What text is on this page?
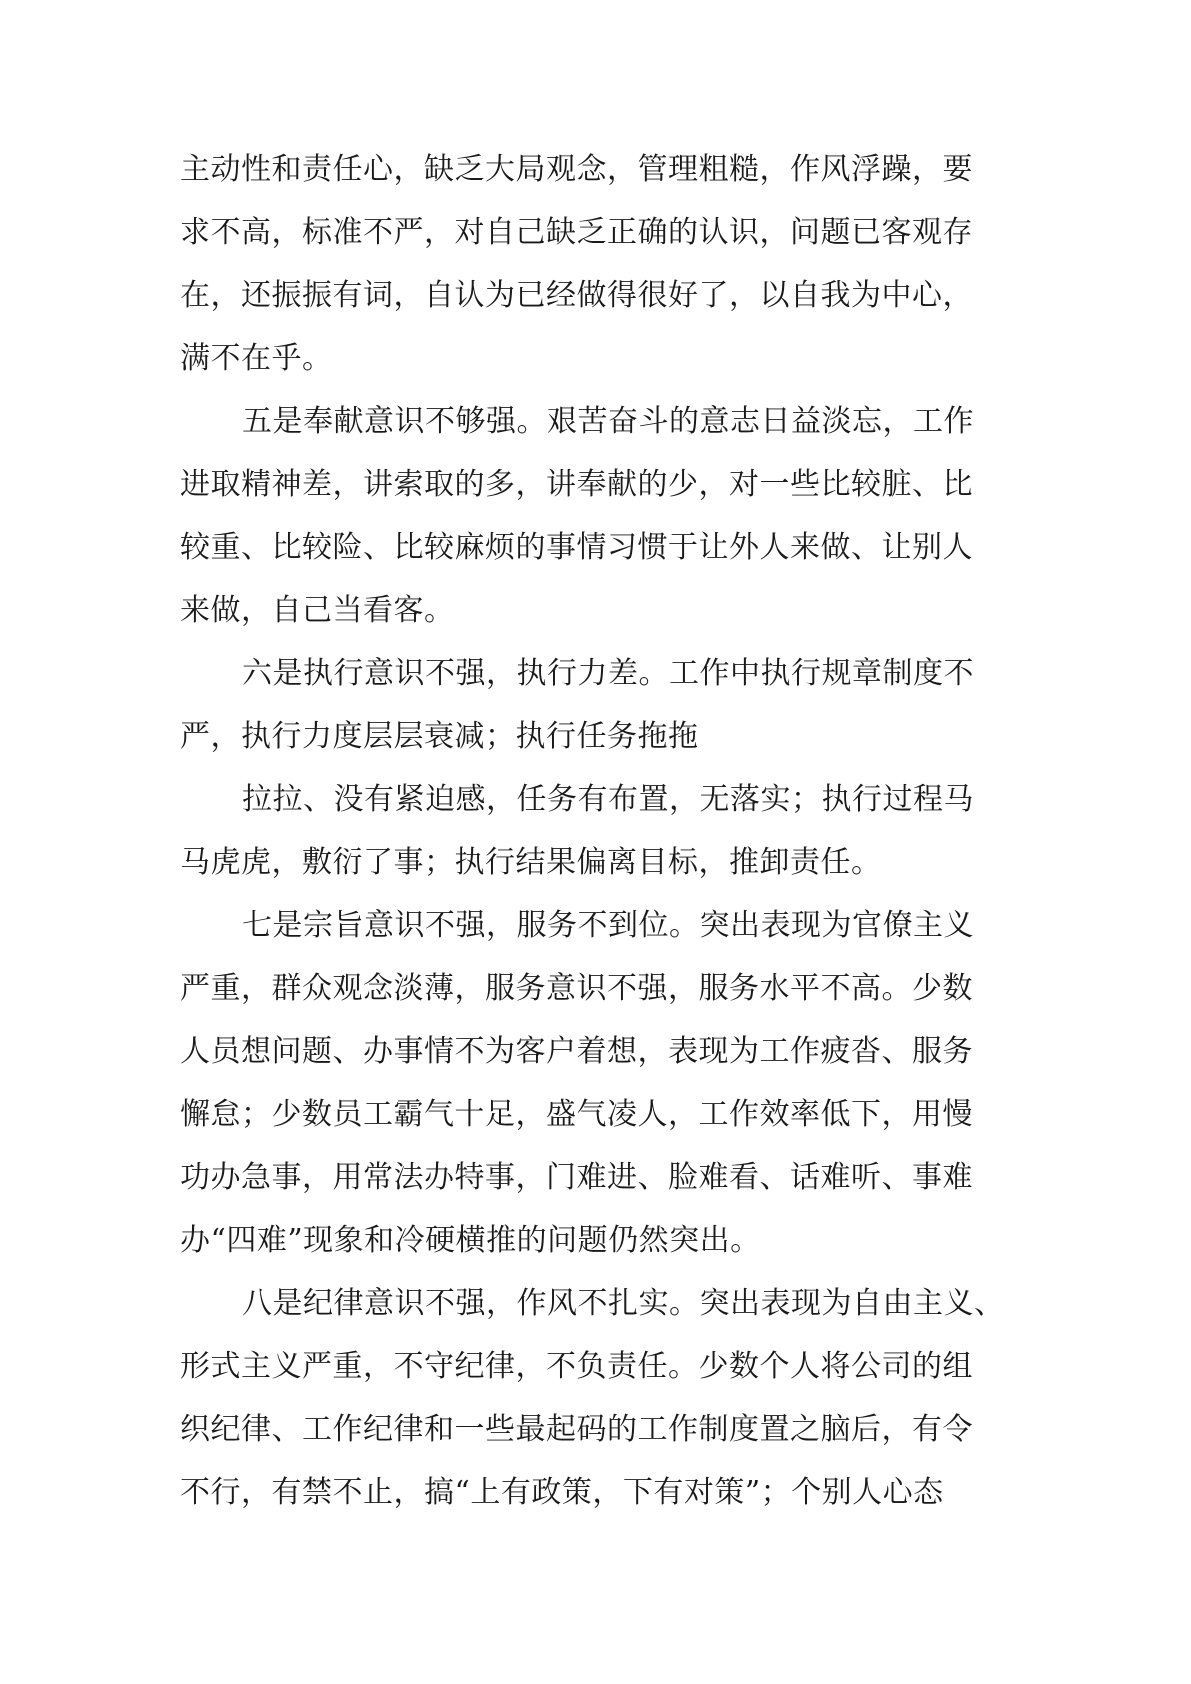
主动性和责任心，缺乏大局观念，管理粗糙，作风浮躁，要
求不高，标准不严，对自己缺乏正确的认识，问题已客观存
在，还振振有词，自认为已经做得很好了，以自我为中心，
满不在乎。
五是奉献意识不够强。艰苦奋斗的意志日益淡忘，工作
进取精神差，讲索取的多，讲奉献的少，对一些比较脏、比
较重、比较险、比较麻烦的事情习惯于让外人来做、让别人
来做，自己当看客。
六是执行意识不强，执行力差。工作中执行规章制度不
严，执行力度层层衰减；执行任务拖拖
拉拉、没有紧迫感，任务有布置，无落实；执行过程马
马虎虎，敷衍了事；执行结果偏离目标，推卸责任。
七是宗旨意识不强，服务不到位。突出表现为官僚主义
严重，群众观念淡薄，服务意识不强，服务水平不高。少数
人员想问题、办事情不为客户着想，表现为工作疲沓、服务
懈怠；少数员工霸气十足，盛气凌人，工作效率低下，用慢
功办急事，用常法办特事，门难进、脸难看、话难听、事难
办“四难”现象和冷硬横推的问题仍然突出。
八是纪律意识不强，作风不扎实。突出表现为自由主义、
形式主义严重，不守纪律，不负责任。少数个人将公司的组
织纪律、工作纪律和一些最起码的工作制度置之脑后，有令
不行，有禁不止，搞“上有政策，下有对策”；个别人心态
